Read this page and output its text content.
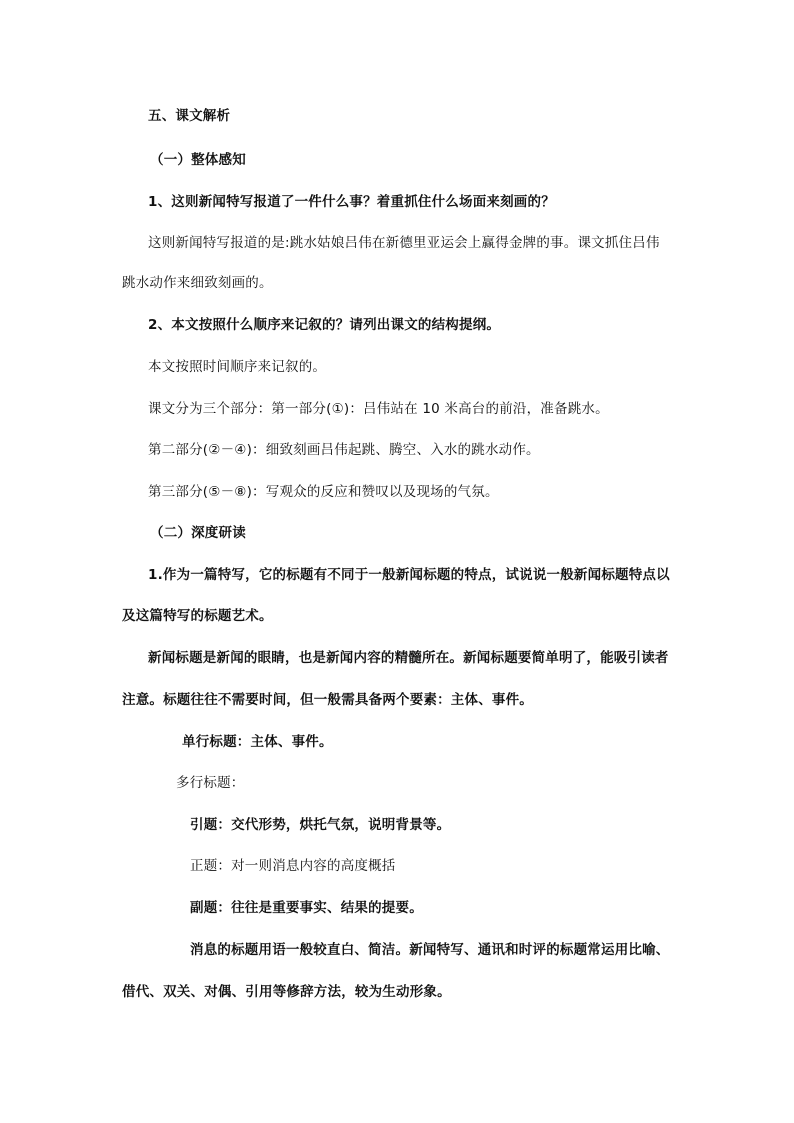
五、课文解析
（一）整体感知
1、这则新闻特写报道了一件什么事？着重抓住什么场面来刻画的？
这则新闻特写报道的是:跳水姑娘吕伟在新德里亚运会上赢得金牌的事。课文抓住吕伟
跳水动作来细致刻画的。
2、本文按照什么顺序来记叙的？请列出课文的结构提纲。
本文按照时间顺序来记叙的。
课文分为三个部分：第一部分(①)：吕伟站在 10 米高台的前沿，准备跳水。
第二部分(②－④)：细致刻画吕伟起跳、腾空、入水的跳水动作。
第三部分(⑤－⑧)：写观众的反应和赞叹以及现场的气氛。
（二）深度研读
1.作为一篇特写，它的标题有不同于一般新闻标题的特点，试说说一般新闻标题特点以
及这篇特写的标题艺术。
新闻标题是新闻的眼睛，也是新闻内容的精髓所在。新闻标题要简单明了，能吸引读者
注意。标题往往不需要时间，但一般需具备两个要素：主体、事件。
单行标题：主体、事件。
多行标题：
引题：交代形势，烘托气氛，说明背景等。
正题：对一则消息内容的高度概括
副题：往往是重要事实、结果的提要。
消息的标题用语一般较直白、简洁。新闻特写、通讯和时评的标题常运用比喻、
借代、双关、对偶、引用等修辞方法，较为生动形象。
